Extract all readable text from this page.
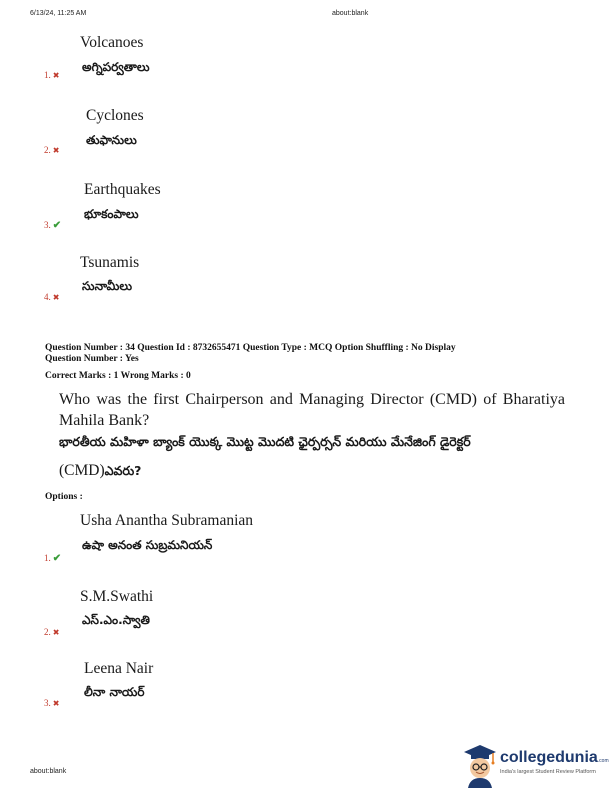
6/13/24, 11:25 AM	about:blank
Volcanoes
అగ్నిపర్వతాలు
1. ✖
Cyclones
తుఫానులు
2. ✖
Earthquakes
భూకంపాలు
3. ✔
Tsunamis
సునామీలు
4. ✖
Question Number : 34 Question Id : 8732655471 Question Type : MCQ Option Shuffling : No Display
Question Number : Yes
Correct Marks : 1 Wrong Marks : 0
Who was the first Chairperson and Managing Director (CMD) of Bharatiya Mahila Bank?
భారతీయ మహిళా బ్యాంక్ యొక్క మొట్ట మొదటి ఛైర్పర్సన్ మరియు మేనేజింగ్ డైరెక్టర్
(CMD)ఎవరు?
Options :
Usha Anantha Subramanian
ఉషా అనంత సుబ్రమనియన్
1. ✔
S.M.Swathi
ఎస్.ఎం.స్వాతి
2. ✖
Leena Nair
లీనా నాయర్
3. ✖
about:blank
collegedunia.com
India's largest Student Review Platform
